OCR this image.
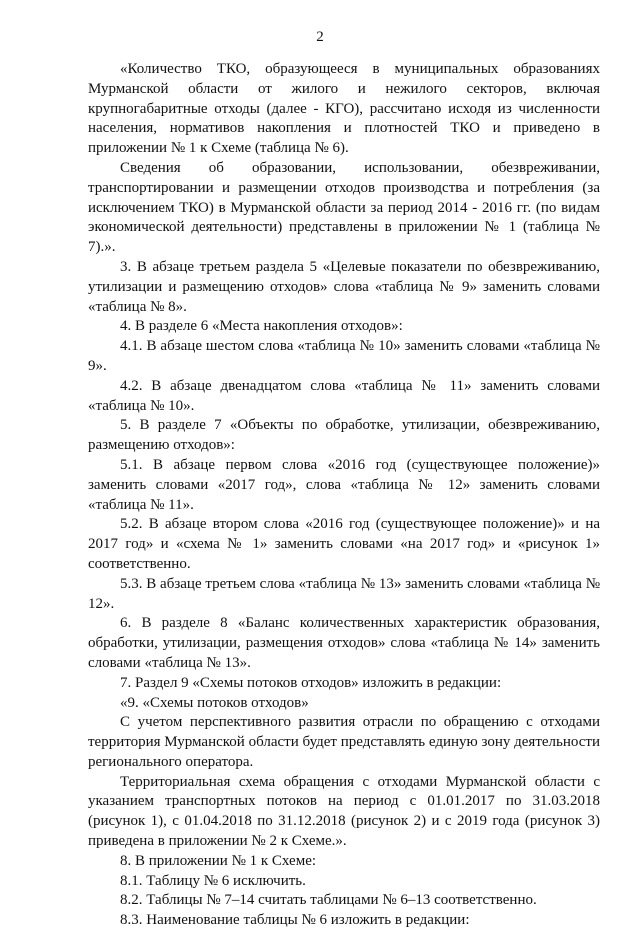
2

«Количество ТКО, образующееся в муниципальных образованиях Мурманской области от жилого и нежилого секторов, включая крупногабаритные отходы (далее - КГО), рассчитано исходя из численности населения, нормативов накопления и плотностей ТКО и приведено в приложении № 1 к Схеме (таблица № 6).

Сведения об образовании, использовании, обезвреживании, транспортировании и размещении отходов производства и потребления (за исключением ТКО) в Мурманской области за период 2014 - 2016 гг. (по видам экономической деятельности) представлены в приложении № 1 (таблица № 7).».

3. В абзаце третьем раздела 5 «Целевые показатели по обезвреживанию, утилизации и размещению отходов» слова «таблица № 9» заменить словами «таблица № 8».

4. В разделе 6 «Места накопления отходов»:

4.1. В абзаце шестом слова «таблица № 10» заменить словами «таблица № 9».

4.2. В абзаце двенадцатом слова «таблица № 11» заменить словами «таблица № 10».

5. В разделе 7 «Объекты по обработке, утилизации, обезвреживанию, размещению отходов»:

5.1. В абзаце первом слова «2016 год (существующее положение)» заменить словами «2017 год», слова «таблица № 12» заменить словами «таблица № 11».

5.2. В абзаце втором слова «2016 год (существующее положение)» и на 2017 год» и «схема № 1» заменить словами «на 2017 год» и «рисунок 1» соответственно.

5.3. В абзаце третьем слова «таблица № 13» заменить словами «таблица № 12».

6. В разделе 8 «Баланс количественных характеристик образования, обработки, утилизации, размещения отходов» слова «таблица № 14» заменить словами «таблица № 13».

7. Раздел 9 «Схемы потоков отходов» изложить в редакции:

«9. «Схемы потоков отходов»

С учетом перспективного развития отрасли по обращению с отходами территория Мурманской области будет представлять единую зону деятельности регионального оператора.

Территориальная схема обращения с отходами Мурманской области с указанием транспортных потоков на период с 01.01.2017 по 31.03.2018 (рисунок 1), с 01.04.2018 по 31.12.2018 (рисунок 2) и с 2019 года (рисунок 3) приведена в приложении № 2 к Схеме.».

8. В приложении № 1 к Схеме:

8.1. Таблицу № 6 исключить.

8.2. Таблицы № 7–14 считать таблицами № 6–13 соответственно.

8.3. Наименование таблицы № 6 изложить в редакции:
